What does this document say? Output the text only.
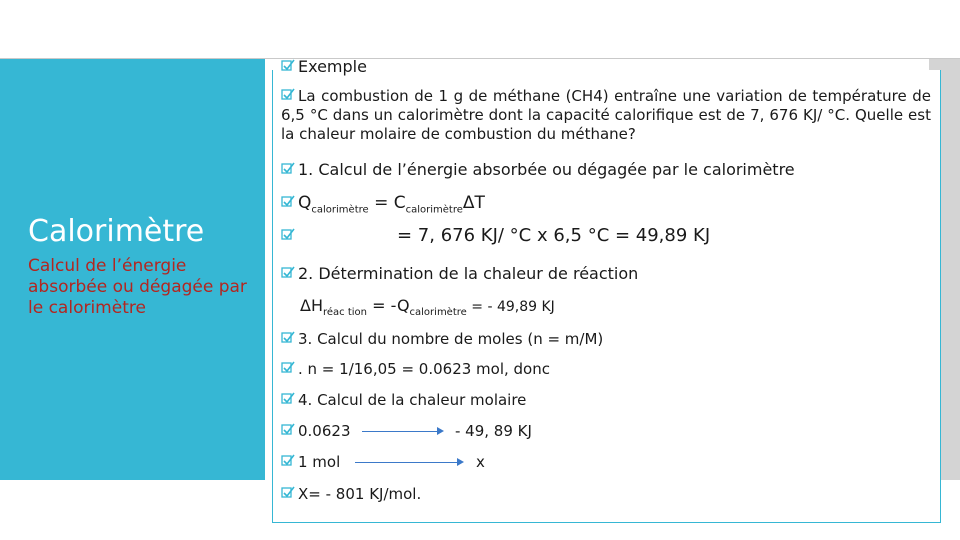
Calorimètre
Calcul de l’énergie absorbée ou dégagée par le calorimètre
Exemple
La combustion de 1 g de méthane (CH4) entraîne une variation de température de 6,5 °C dans un calorimètre dont la capacité calorifique est de 7, 676 KJ/ °C. Quelle est la chaleur molaire de combustion du méthane?
1. Calcul de l’énergie absorbée ou dégagée par le calorimètre
$Q_{calorimètre} = C_{calorimètre}\Delta T$
= 7, 676 KJ/ °C x 6,5 °C = 49,89 KJ
2. Détermination de la chaleur de réaction
$\Delta H_{réac tion} = -Q_{calorimètre}$ = - 49,89 KJ
3. Calcul du nombre de moles (n = m/M)
. n = 1/16,05 = 0.0623 mol, donc
4. Calcul de la chaleur molaire
0.0623	- 49, 89 KJ
1 mol	x
X= - 801 KJ/mol.
